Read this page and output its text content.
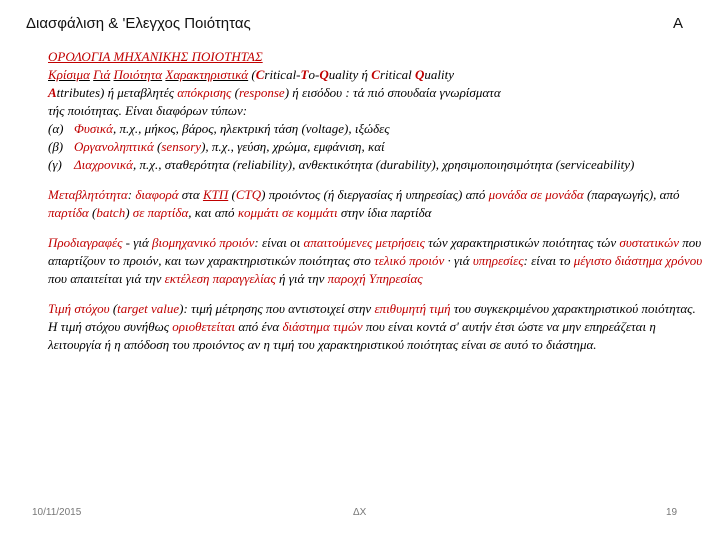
Διασφάλιση & 'Ελεγχος Ποιότητας	Α

ΟΡΟΛΟΓΙΑ ΜΗΧΑΝΙΚΗΣ ΠΟΙΟΤΗΤΑΣ
Κρίσιμα Γιά Ποιότητα Χαρακτηριστικά (Critical-To-Quality ή Critical Quality
Attributes) ή μεταβλητές απόκρισης (response) ή εισόδου : τά πιό σπουδαία γνωρίσματα
τής ποιότητας. Είναι διαφόρων τύπων:

(α) Φυσικά, π.χ., μήκος, βάρος, ηλεκτρική τάση (voltage), ιξώδες
(β) Οργανοληπτικά (sensory), π.χ., γεύση, χρώμα, εμφάνιση, καί
(γ) Διαχρονικά, π.χ., σταθερότητα (reliability), ανθεκτικότητα (durability), χρησιμοποιησιμότητα (serviceability)

Μεταβλητότητα: διαφορά στα ΚΤΠ (CTQ) προιόντος (ή διεργασίας ή υπηρεσίας) από μονάδα σε μονάδα (παραγωγής), από παρτίδα (batch) σε παρτίδα, και από κομμάτι σε κομμάτι στην ίδια παρτίδα

Προδιαγραφές - γιά βιομηχανικό προιόν: είναι οι απαιτούμενες μετρήσεις τών χαρακτηριστικών ποιότητας τών συστατικών που απαρτίζουν το προιόν, και των χαρακτηριστικών ποιότητας στο τελικό προιόν · γιά υπηρεσίες: είναι το μέγιστο διάστημα χρόνου που απαιτείται γιά την εκτέλεση παραγγελίας ή γιά την παροχή Υπηρεσίας

Τιμή στόχου (target value): τιμή μέτρησης που αντιστοιχεί στην επιθυμητή τιμή του συγκεκριμένου χαρακτηριστικού ποιότητας. Η τιμή στόχου συνήθως οριοθετείται από ένα διάστημα τιμών που είναι κοντά σ' αυτήν έτσι ώστε να μην επηρεάζεται η λειτουργία ή η απόδοση του προιόντος αν η τιμή του χαρακτηριστικού ποιότητας είναι σε αυτό το διάστημα.

10/11/2015	ΔΧ	19
